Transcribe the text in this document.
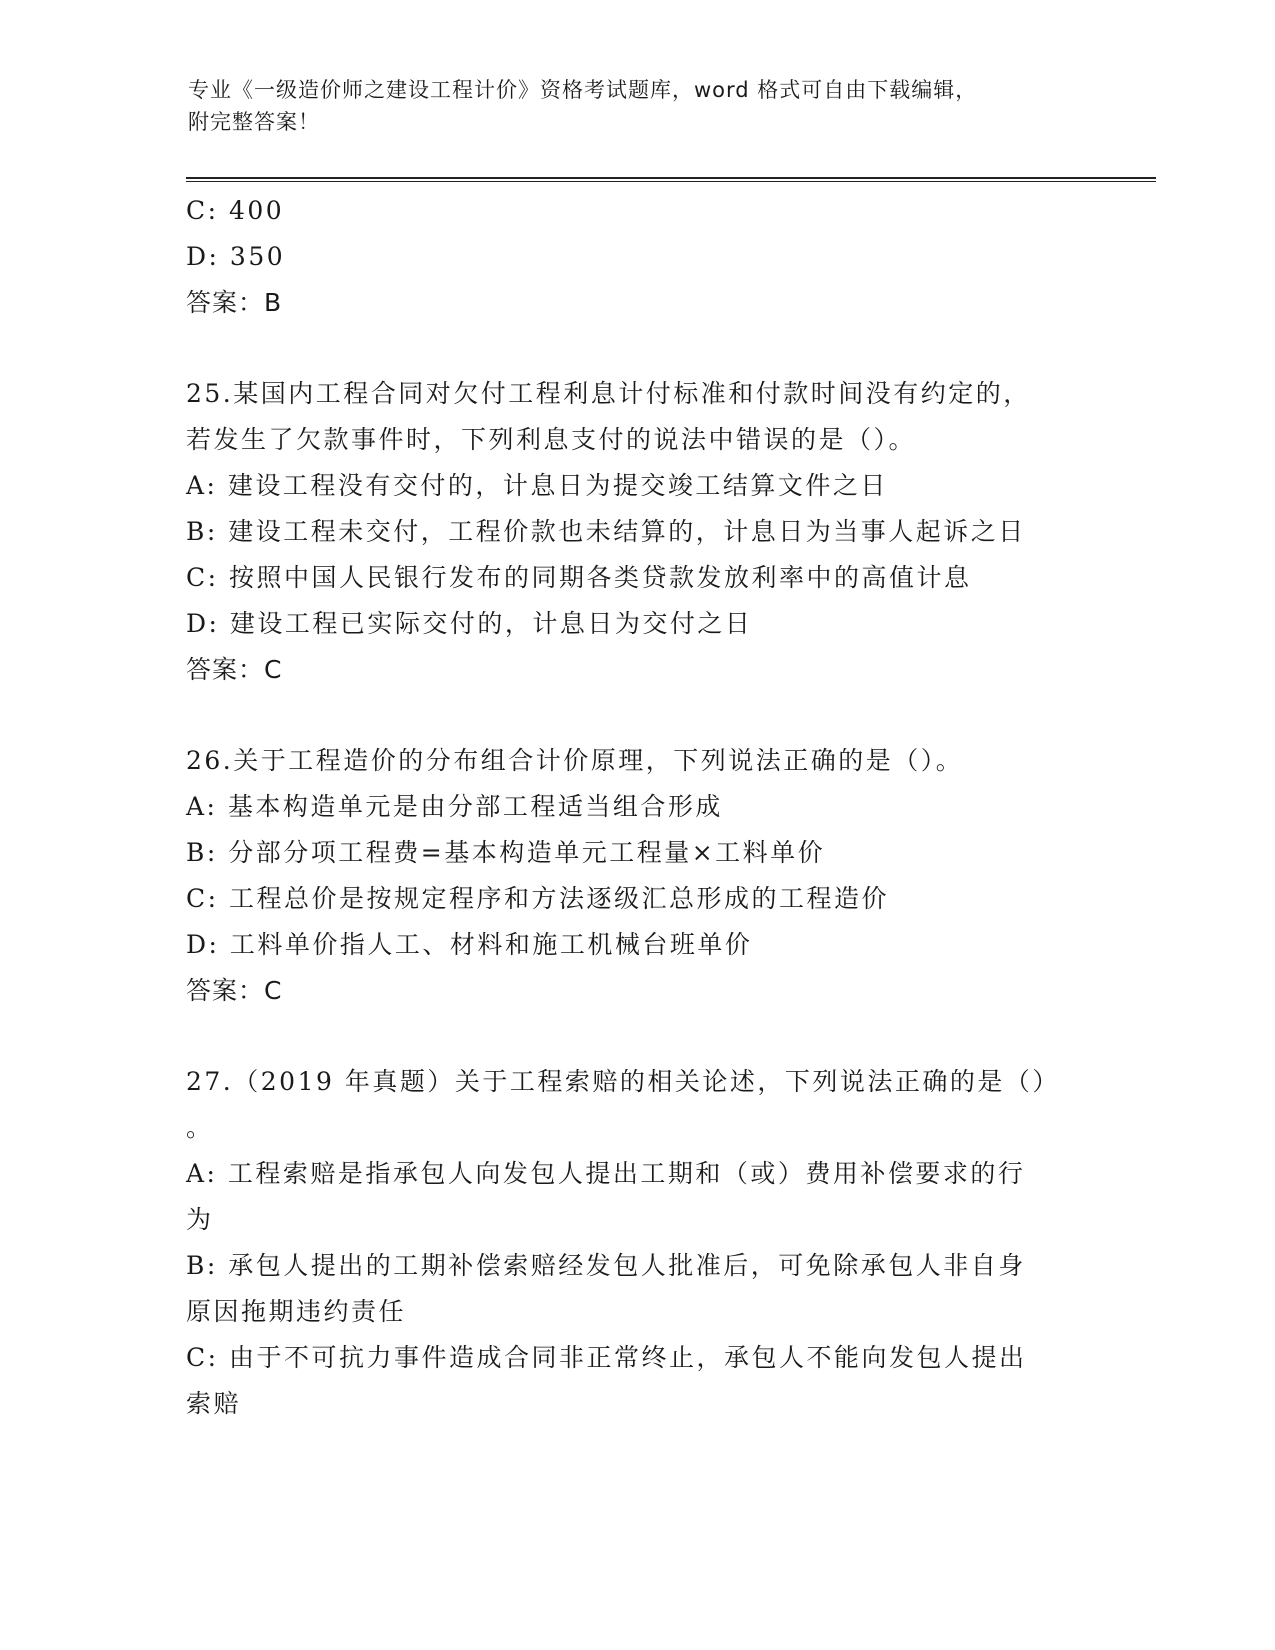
专业《一级造价师之建设工程计价》资格考试题库，word 格式可自由下载编辑，
附完整答案！
C: 400
D: 350
答案：B
25.某国内工程合同对欠付工程利息计付标准和付款时间没有约定的，
若发生了欠款事件时，下列利息支付的说法中错误的是（）。
A: 建设工程没有交付的，计息日为提交竣工结算文件之日
B: 建设工程未交付，工程价款也未结算的，计息日为当事人起诉之日
C: 按照中国人民银行发布的同期各类贷款发放利率中的高值计息
D: 建设工程已实际交付的，计息日为交付之日
答案：C
26.关于工程造价的分布组合计价原理，下列说法正确的是（）。
A: 基本构造单元是由分部工程适当组合形成
B: 分部分项工程费=基本构造单元工程量×工料单价
C: 工程总价是按规定程序和方法逐级汇总形成的工程造价
D: 工料单价指人工、材料和施工机械台班单价
答案：C
27.（2019 年真题）关于工程索赔的相关论述，下列说法正确的是（）
。
A: 工程索赔是指承包人向发包人提出工期和（或）费用补偿要求的行
为
B: 承包人提出的工期补偿索赔经发包人批准后，可免除承包人非自身
原因拖期违约责任
C: 由于不可抗力事件造成合同非正常终止，承包人不能向发包人提出
索赔
